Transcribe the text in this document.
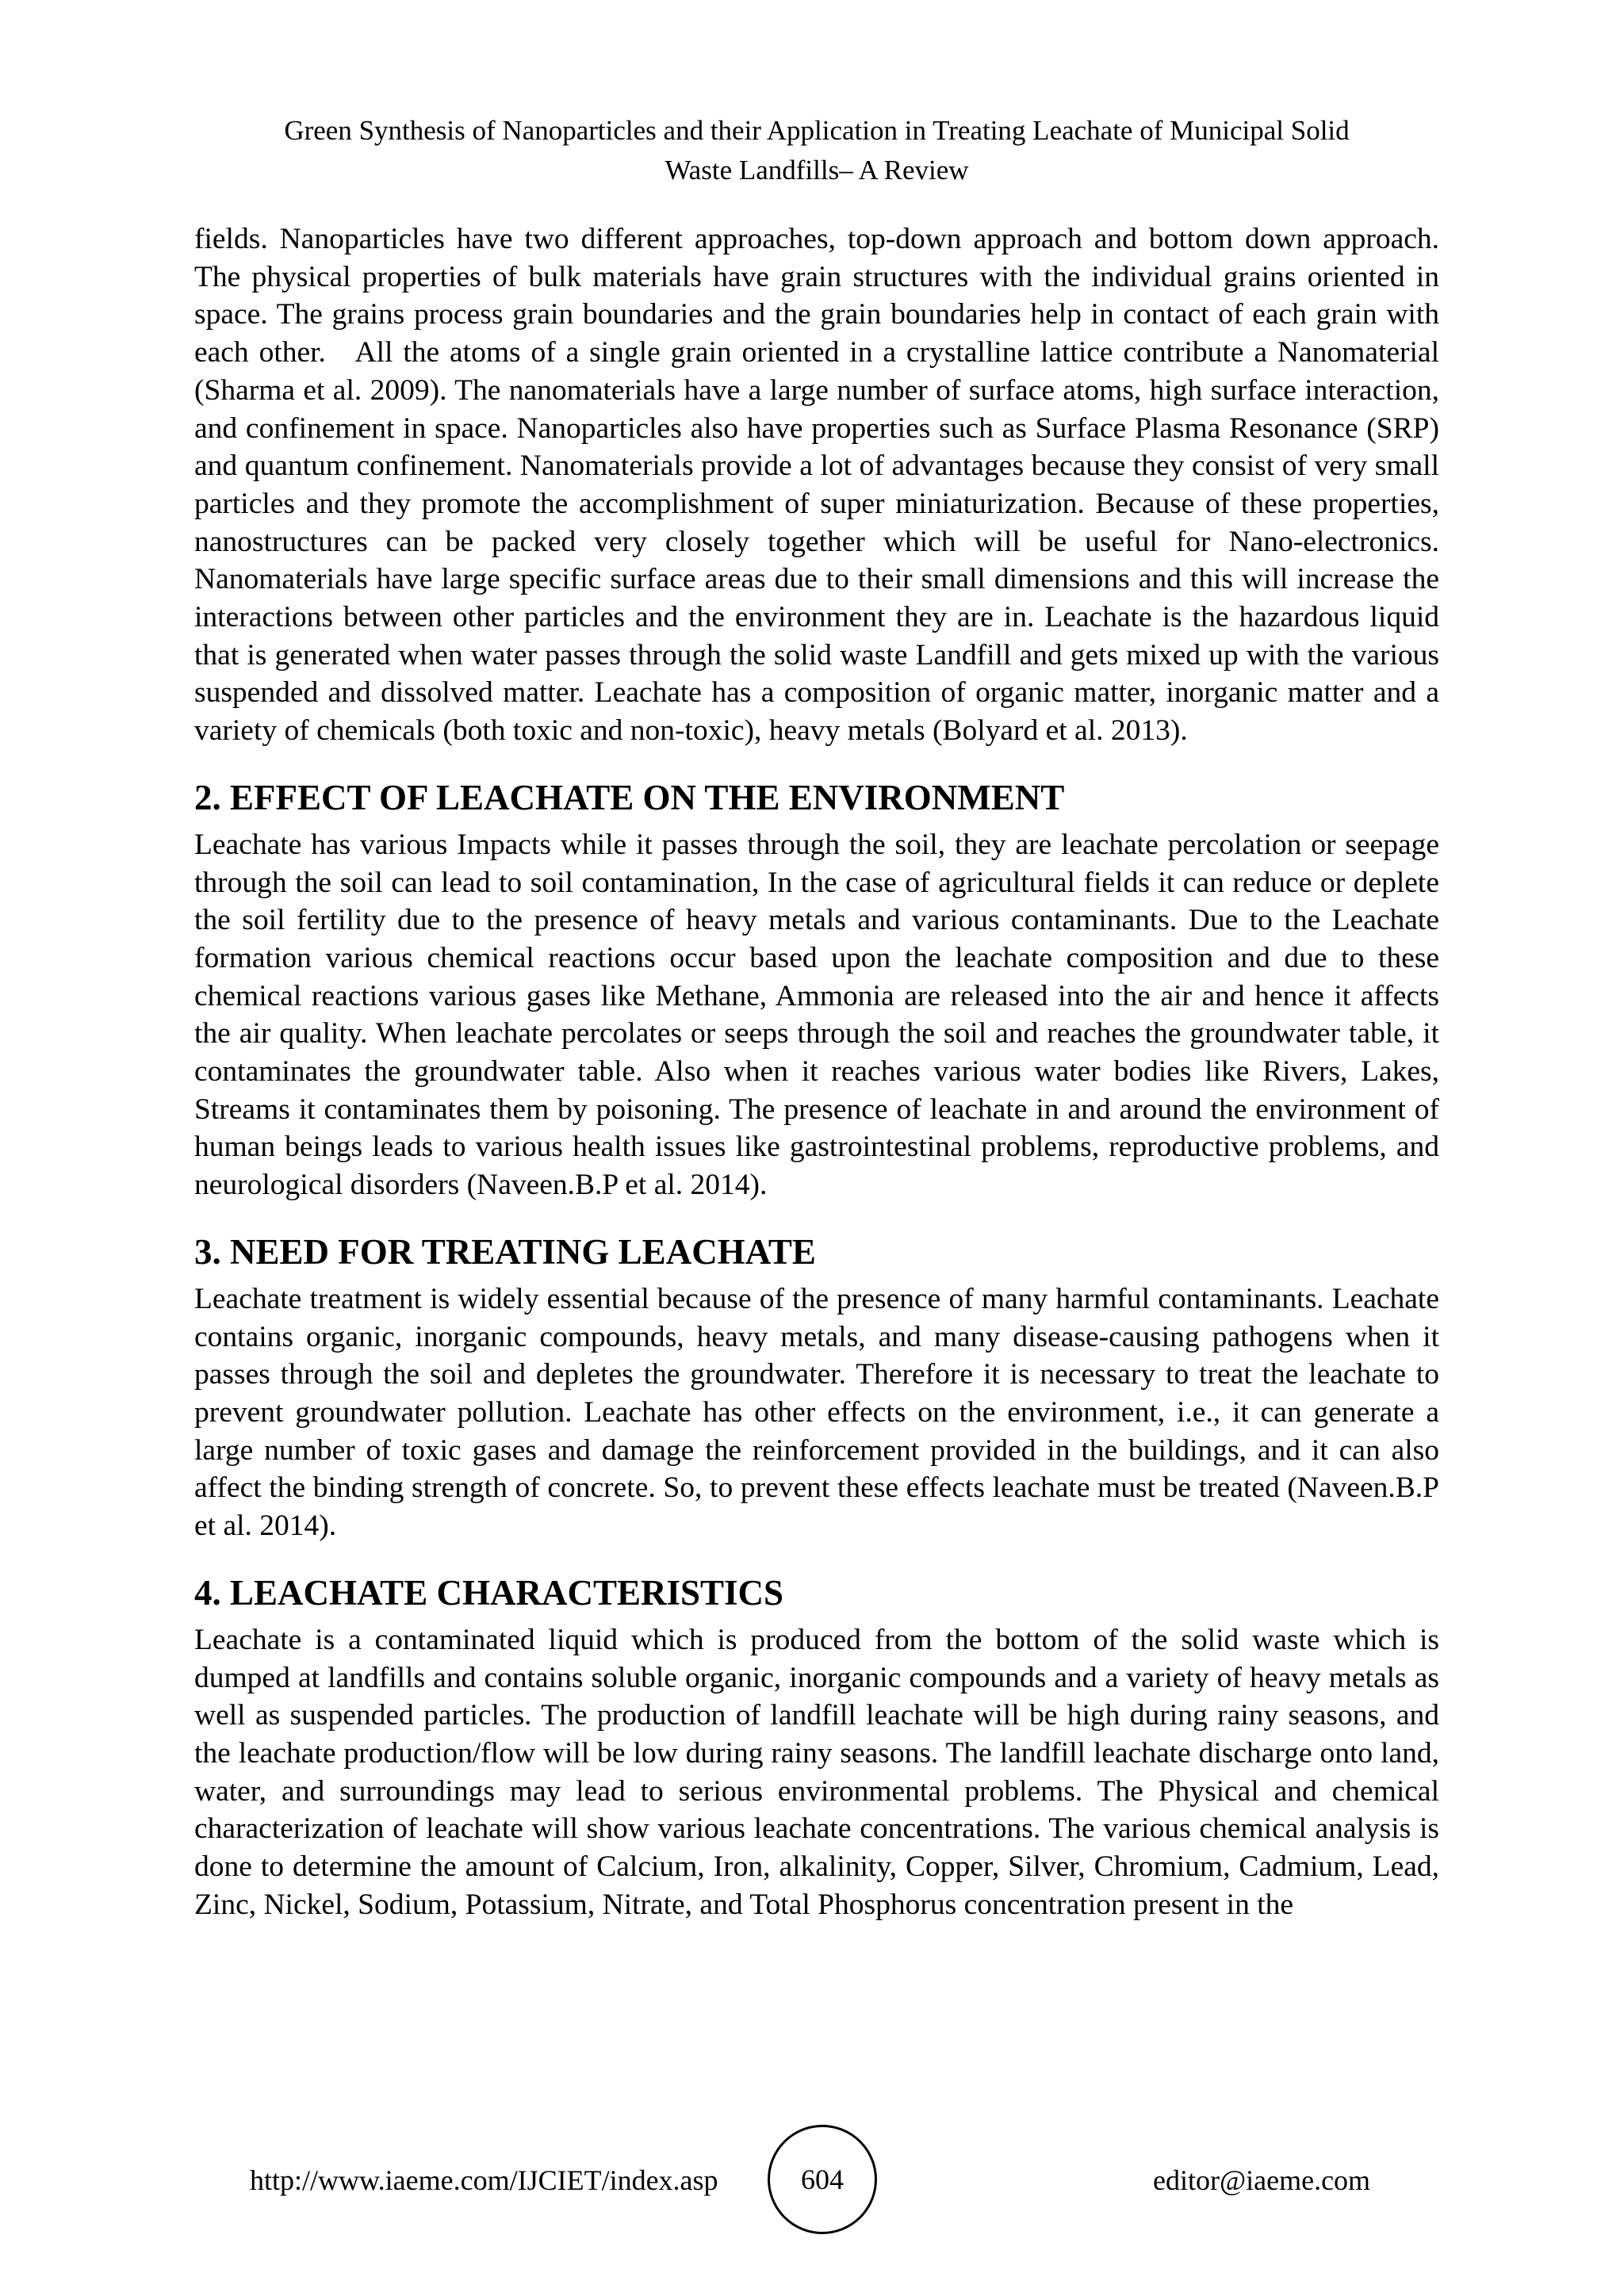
Green Synthesis of Nanoparticles and their Application in Treating Leachate of Municipal Solid
Waste Landfills– A Review

fields. Nanoparticles have two different approaches, top-down approach and bottom down approach. The physical properties of bulk materials have grain structures with the individual grains oriented in space. The grains process grain boundaries and the grain boundaries help in contact of each grain with each other.   All the atoms of a single grain oriented in a crystalline lattice contribute a Nanomaterial (Sharma et al. 2009). The nanomaterials have a large number of surface atoms, high surface interaction, and confinement in space. Nanoparticles also have properties such as Surface Plasma Resonance (SRP) and quantum confinement. Nanomaterials provide a lot of advantages because they consist of very small particles and they promote the accomplishment of super miniaturization. Because of these properties, nanostructures can be packed very closely together which will be useful for Nano-electronics. Nanomaterials have large specific surface areas due to their small dimensions and this will increase the interactions between other particles and the environment they are in. Leachate is the hazardous liquid that is generated when water passes through the solid waste Landfill and gets mixed up with the various suspended and dissolved matter. Leachate has a composition of organic matter, inorganic matter and a variety of chemicals (both toxic and non-toxic), heavy metals (Bolyard et al. 2013).

2. EFFECT OF LEACHATE ON THE ENVIRONMENT

Leachate has various Impacts while it passes through the soil, they are leachate percolation or seepage through the soil can lead to soil contamination, In the case of agricultural fields it can reduce or deplete the soil fertility due to the presence of heavy metals and various contaminants. Due to the Leachate formation various chemical reactions occur based upon the leachate composition and due to these chemical reactions various gases like Methane, Ammonia are released into the air and hence it affects the air quality. When leachate percolates or seeps through the soil and reaches the groundwater table, it contaminates the groundwater table. Also when it reaches various water bodies like Rivers, Lakes, Streams it contaminates them by poisoning. The presence of leachate in and around the environment of human beings leads to various health issues like gastrointestinal problems, reproductive problems, and neurological disorders (Naveen.B.P et al. 2014).

3. NEED FOR TREATING LEACHATE

Leachate treatment is widely essential because of the presence of many harmful contaminants. Leachate contains organic, inorganic compounds, heavy metals, and many disease-causing pathogens when it passes through the soil and depletes the groundwater. Therefore it is necessary to treat the leachate to prevent groundwater pollution. Leachate has other effects on the environment, i.e., it can generate a large number of toxic gases and damage the reinforcement provided in the buildings, and it can also affect the binding strength of concrete. So, to prevent these effects leachate must be treated (Naveen.B.P et al. 2014).

4. LEACHATE CHARACTERISTICS

Leachate is a contaminated liquid which is produced from the bottom of the solid waste which is dumped at landfills and contains soluble organic, inorganic compounds and a variety of heavy metals as well as suspended particles. The production of landfill leachate will be high during rainy seasons, and the leachate production/flow will be low during rainy seasons. The landfill leachate discharge onto land, water, and surroundings may lead to serious environmental problems. The Physical and chemical characterization of leachate will show various leachate concentrations. The various chemical analysis is done to determine the amount of Calcium, Iron, alkalinity, Copper, Silver, Chromium, Cadmium, Lead, Zinc, Nickel, Sodium, Potassium, Nitrate, and Total Phosphorus concentration present in the

http://www.iaeme.com/IJCIET/index.asp	604	editor@iaeme.com
